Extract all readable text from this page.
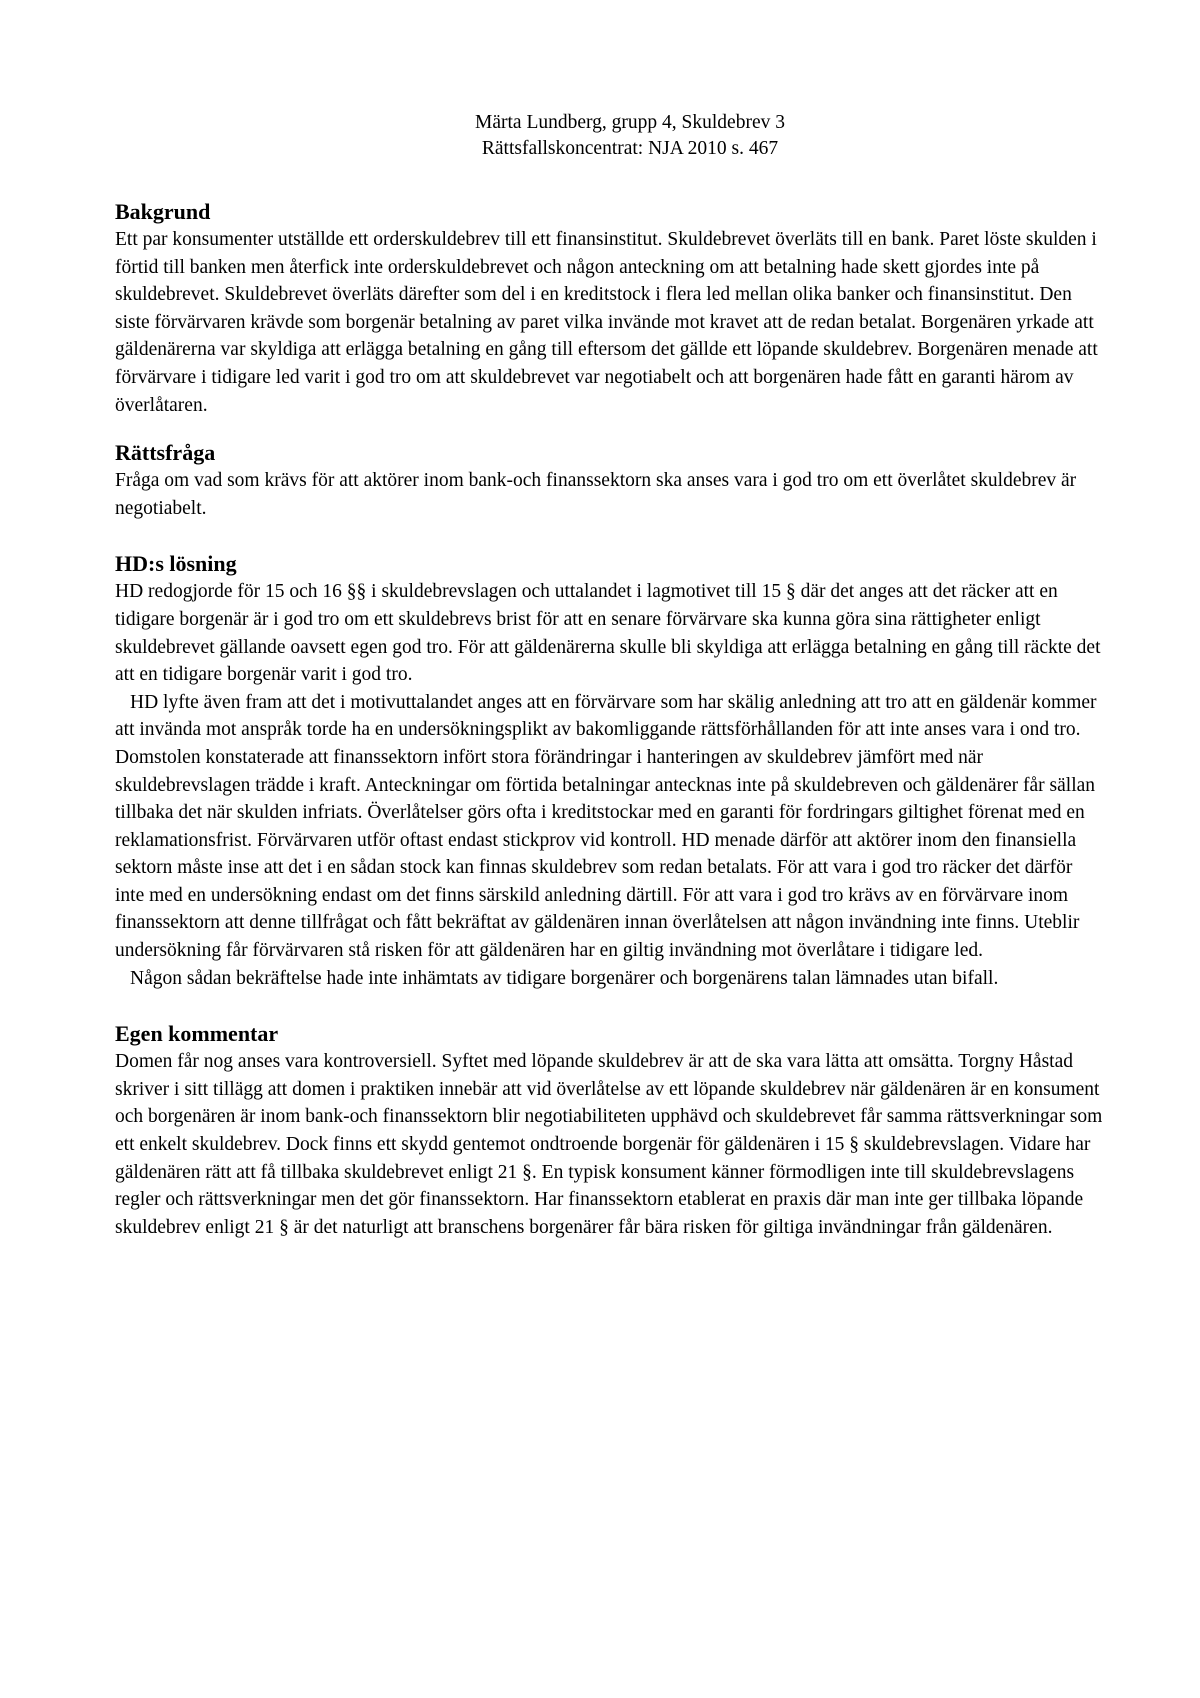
Märta Lundberg, grupp 4, Skuldebrev 3
Rättsfallskoncentrat: NJA 2010 s. 467
Bakgrund

Ett par konsumenter utställde ett orderskuldebrev till ett finansinstitut. Skuldebrevet överläts till en bank. Paret löste skulden i förtid till banken men återfick inte orderskuldebrevet och någon anteckning om att betalning hade skett gjordes inte på skuldebrevet. Skuldebrevet överläts därefter som del i en kreditstock i flera led mellan olika banker och finansinstitut. Den siste förvärvaren krävde som borgenär betalning av paret vilka invände mot kravet att de redan betalat. Borgenären yrkade att gäldenärerna var skyldiga att erlägga betalning en gång till eftersom det gällde ett löpande skuldebrev. Borgenären menade att förvärvare i tidigare led varit i god tro om att skuldebrevet var negotiabelt och att borgenären hade fått en garanti härom av överlåtaren.

Rättsfråga

Fråga om vad som krävs för att aktörer inom bank-och finanssektorn ska anses vara i god tro om ett överlåtet skuldebrev är negotiabelt.

HD:s lösning

HD redogjorde för 15 och 16 §§ i skuldebrevslagen och uttalandet i lagmotivet till 15 § där det anges att det räcker att en tidigare borgenär är i god tro om ett skuldebrevs brist för att en senare förvärvare ska kunna göra sina rättigheter enligt skuldebrevet gällande oavsett egen god tro. För att gäldenärerna skulle bli skyldiga att erlägga betalning en gång till räckte det att en tidigare borgenär varit i god tro.

HD lyfte även fram att det i motivuttalandet anges att en förvärvare som har skälig anledning att tro att en gäldenär kommer att invända mot anspråk torde ha en undersökningsplikt av bakomliggande rättsförhållanden för att inte anses vara i ond tro. Domstolen konstaterade att finanssektorn infört stora förändringar i hanteringen av skuldebrev jämfört med när skuldebrevslagen trädde i kraft. Anteckningar om förtida betalningar antecknas inte på skuldebreven och gäldenärer får sällan tillbaka det när skulden infriats. Överlåtelser görs ofta i kreditstockar med en garanti för fordringars giltighet förenat med en reklamationsfrist. Förvärvaren utför oftast endast stickprov vid kontroll. HD menade därför att aktörer inom den finansiella sektorn måste inse att det i en sådan stock kan finnas skuldebrev som redan betalats. För att vara i god tro räcker det därför inte med en undersökning endast om det finns särskild anledning därtill. För att vara i god tro krävs av en förvärvare inom finanssektorn att denne tillfrågat och fått bekräftat av gäldenären innan överlåtelsen att någon invändning inte finns. Uteblir undersökning får förvärvaren stå risken för att gäldenären har en giltig invändning mot överlåtare i tidigare led.

Någon sådan bekräftelse hade inte inhämtats av tidigare borgenärer och borgenärens talan lämnades utan bifall.

Egen kommentar

Domen får nog anses vara kontroversiell. Syftet med löpande skuldebrev är att de ska vara lätta att omsätta. Torgny Håstad skriver i sitt tillägg att domen i praktiken innebär att vid överlåtelse av ett löpande skuldebrev när gäldenären är en konsument och borgenären är inom bank-och finanssektorn blir negotiabiliteten upphävd och skuldebrevet får samma rättsverkningar som ett enkelt skuldebrev. Dock finns ett skydd gentemot ondtroende borgenär för gäldenären i 15 § skuldebrevslagen. Vidare har gäldenären rätt att få tillbaka skuldebrevet enligt 21 §. En typisk konsument känner förmodligen inte till skuldebrevslagens regler och rättsverkningar men det gör finanssektorn. Har finanssektorn etablerat en praxis där man inte ger tillbaka löpande skuldebrev enligt 21 § är det naturligt att branschens borgenärer får bära risken för giltiga invändningar från gäldenären.
